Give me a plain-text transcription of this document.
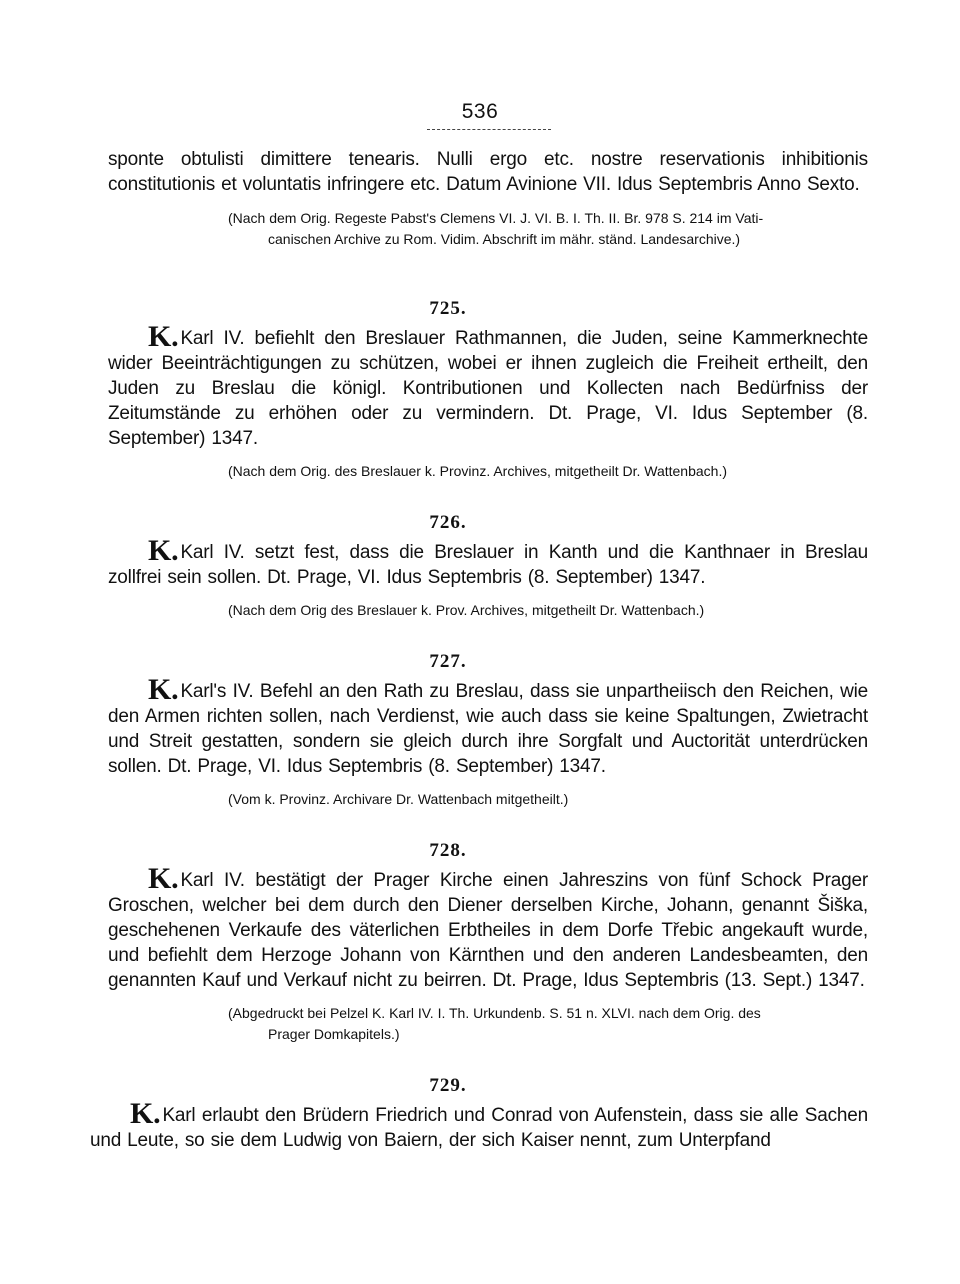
536

sponte obtulisti dimittere tenearis. Nulli ergo etc. nostre reservationis inhibitionis constitutionis et voluntatis infringere etc. Datum Avinione VII. Idus Septembris Anno Sexto.

(Nach dem Orig. Regeste Pabst's Clemens VI. J. VI. B. I. Th. II. Br. 978 S. 214 im Vati-
canischen Archive zu Rom. Vidim. Abschrift im mähr. ständ. Landesarchive.)

725.

K. Karl IV. befiehlt den Breslauer Rathmannen, die Juden, seine Kammerknechte wider Beeinträchtigungen zu schützen, wobei er ihnen zugleich die Freiheit ertheilt, den Juden zu Breslau die königl. Kontributionen und Kollecten nach Bedürfniss der Zeitumstände zu erhöhen oder zu vermindern. Dt. Prage, VI. Idus September (8. September) 1347.

(Nach dem Orig. des Breslauer k. Provinz. Archives, mitgetheilt Dr. Wattenbach.)

726.

K. Karl IV. setzt fest, dass die Breslauer in Kanth und die Kanthnaer in Breslau zollfrei sein sollen. Dt. Prage, VI. Idus Septembris (8. September) 1347.

(Nach dem Orig des Breslauer k. Prov. Archives, mitgetheilt Dr. Wattenbach.)

727.

K. Karl's IV. Befehl an den Rath zu Breslau, dass sie unpartheiisch den Reichen, wie den Armen richten sollen, nach Verdienst, wie auch dass sie keine Spaltungen, Zwietracht und Streit gestatten, sondern sie gleich durch ihre Sorgfalt und Auctorität unterdrücken sollen. Dt. Prage, VI. Idus Septembris (8. September) 1347.

(Vom k. Provinz. Archivare Dr. Wattenbach mitgetheilt.)

728.

K. Karl IV. bestätigt der Prager Kirche einen Jahreszins von fünf Schock Prager Groschen, welcher bei dem durch den Diener derselben Kirche, Johann, genannt Šiška, geschehenen Verkaufe des väterlichen Erbtheiles in dem Dorfe Třebic angekauft wurde, und befiehlt dem Herzoge Johann von Kärnthen und den anderen Landesbeamten, den genannten Kauf und Verkauf nicht zu beirren. Dt. Prage, Idus Septembris (13. Sept.) 1347.

(Abgedruckt bei Pelzel K. Karl IV. I. Th. Urkundenb. S. 51 n. XLVI. nach dem Orig. des
Prager Domkapitels.)

729.

K. Karl erlaubt den Brüdern Friedrich und Conrad von Aufenstein, dass sie alle Sachen und Leute, so sie dem Ludwig von Baiern, der sich Kaiser nennt, zum Unterpfand
